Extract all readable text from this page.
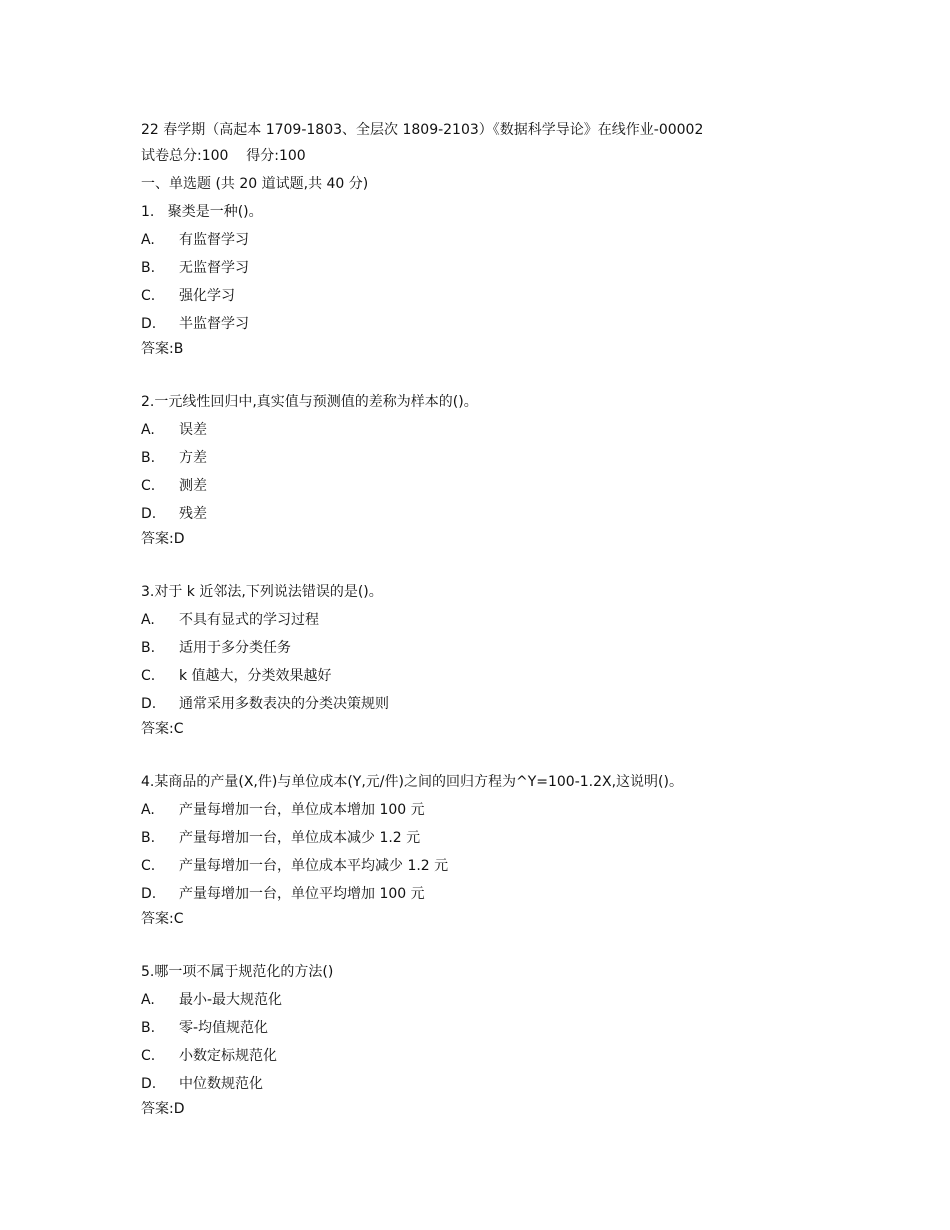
22 春学期（高起本 1709-1803、全层次 1809-2103）《数据科学导论》在线作业-00002
试卷总分:100    得分:100
一、单选题 (共 20 道试题,共 40 分)
1.   聚类是一种()。
A.	有监督学习
B.	无监督学习
C.	强化学习
D.	半监督学习
答案:B
2.一元线性回归中,真实值与预测值的差称为样本的()。
A.	误差
B.	方差
C.	测差
D.	残差
答案:D
3.对于 k 近邻法,下列说法错误的是()。
A.	不具有显式的学习过程
B.	适用于多分类任务
C.	k 值越大，分类效果越好
D.	通常采用多数表决的分类决策规则
答案:C
4.某商品的产量(X,件)与单位成本(Y,元/件)之间的回归方程为^Y=100-1.2X,这说明()。
A.	产量每增加一台，单位成本增加 100 元
B.	产量每增加一台，单位成本减少 1.2 元
C.	产量每增加一台，单位成本平均减少 1.2 元
D.	产量每增加一台，单位平均增加 100 元
答案:C
5.哪一项不属于规范化的方法()
A.	最小-最大规范化
B.	零-均值规范化
C.	小数定标规范化
D.	中位数规范化
答案:D
